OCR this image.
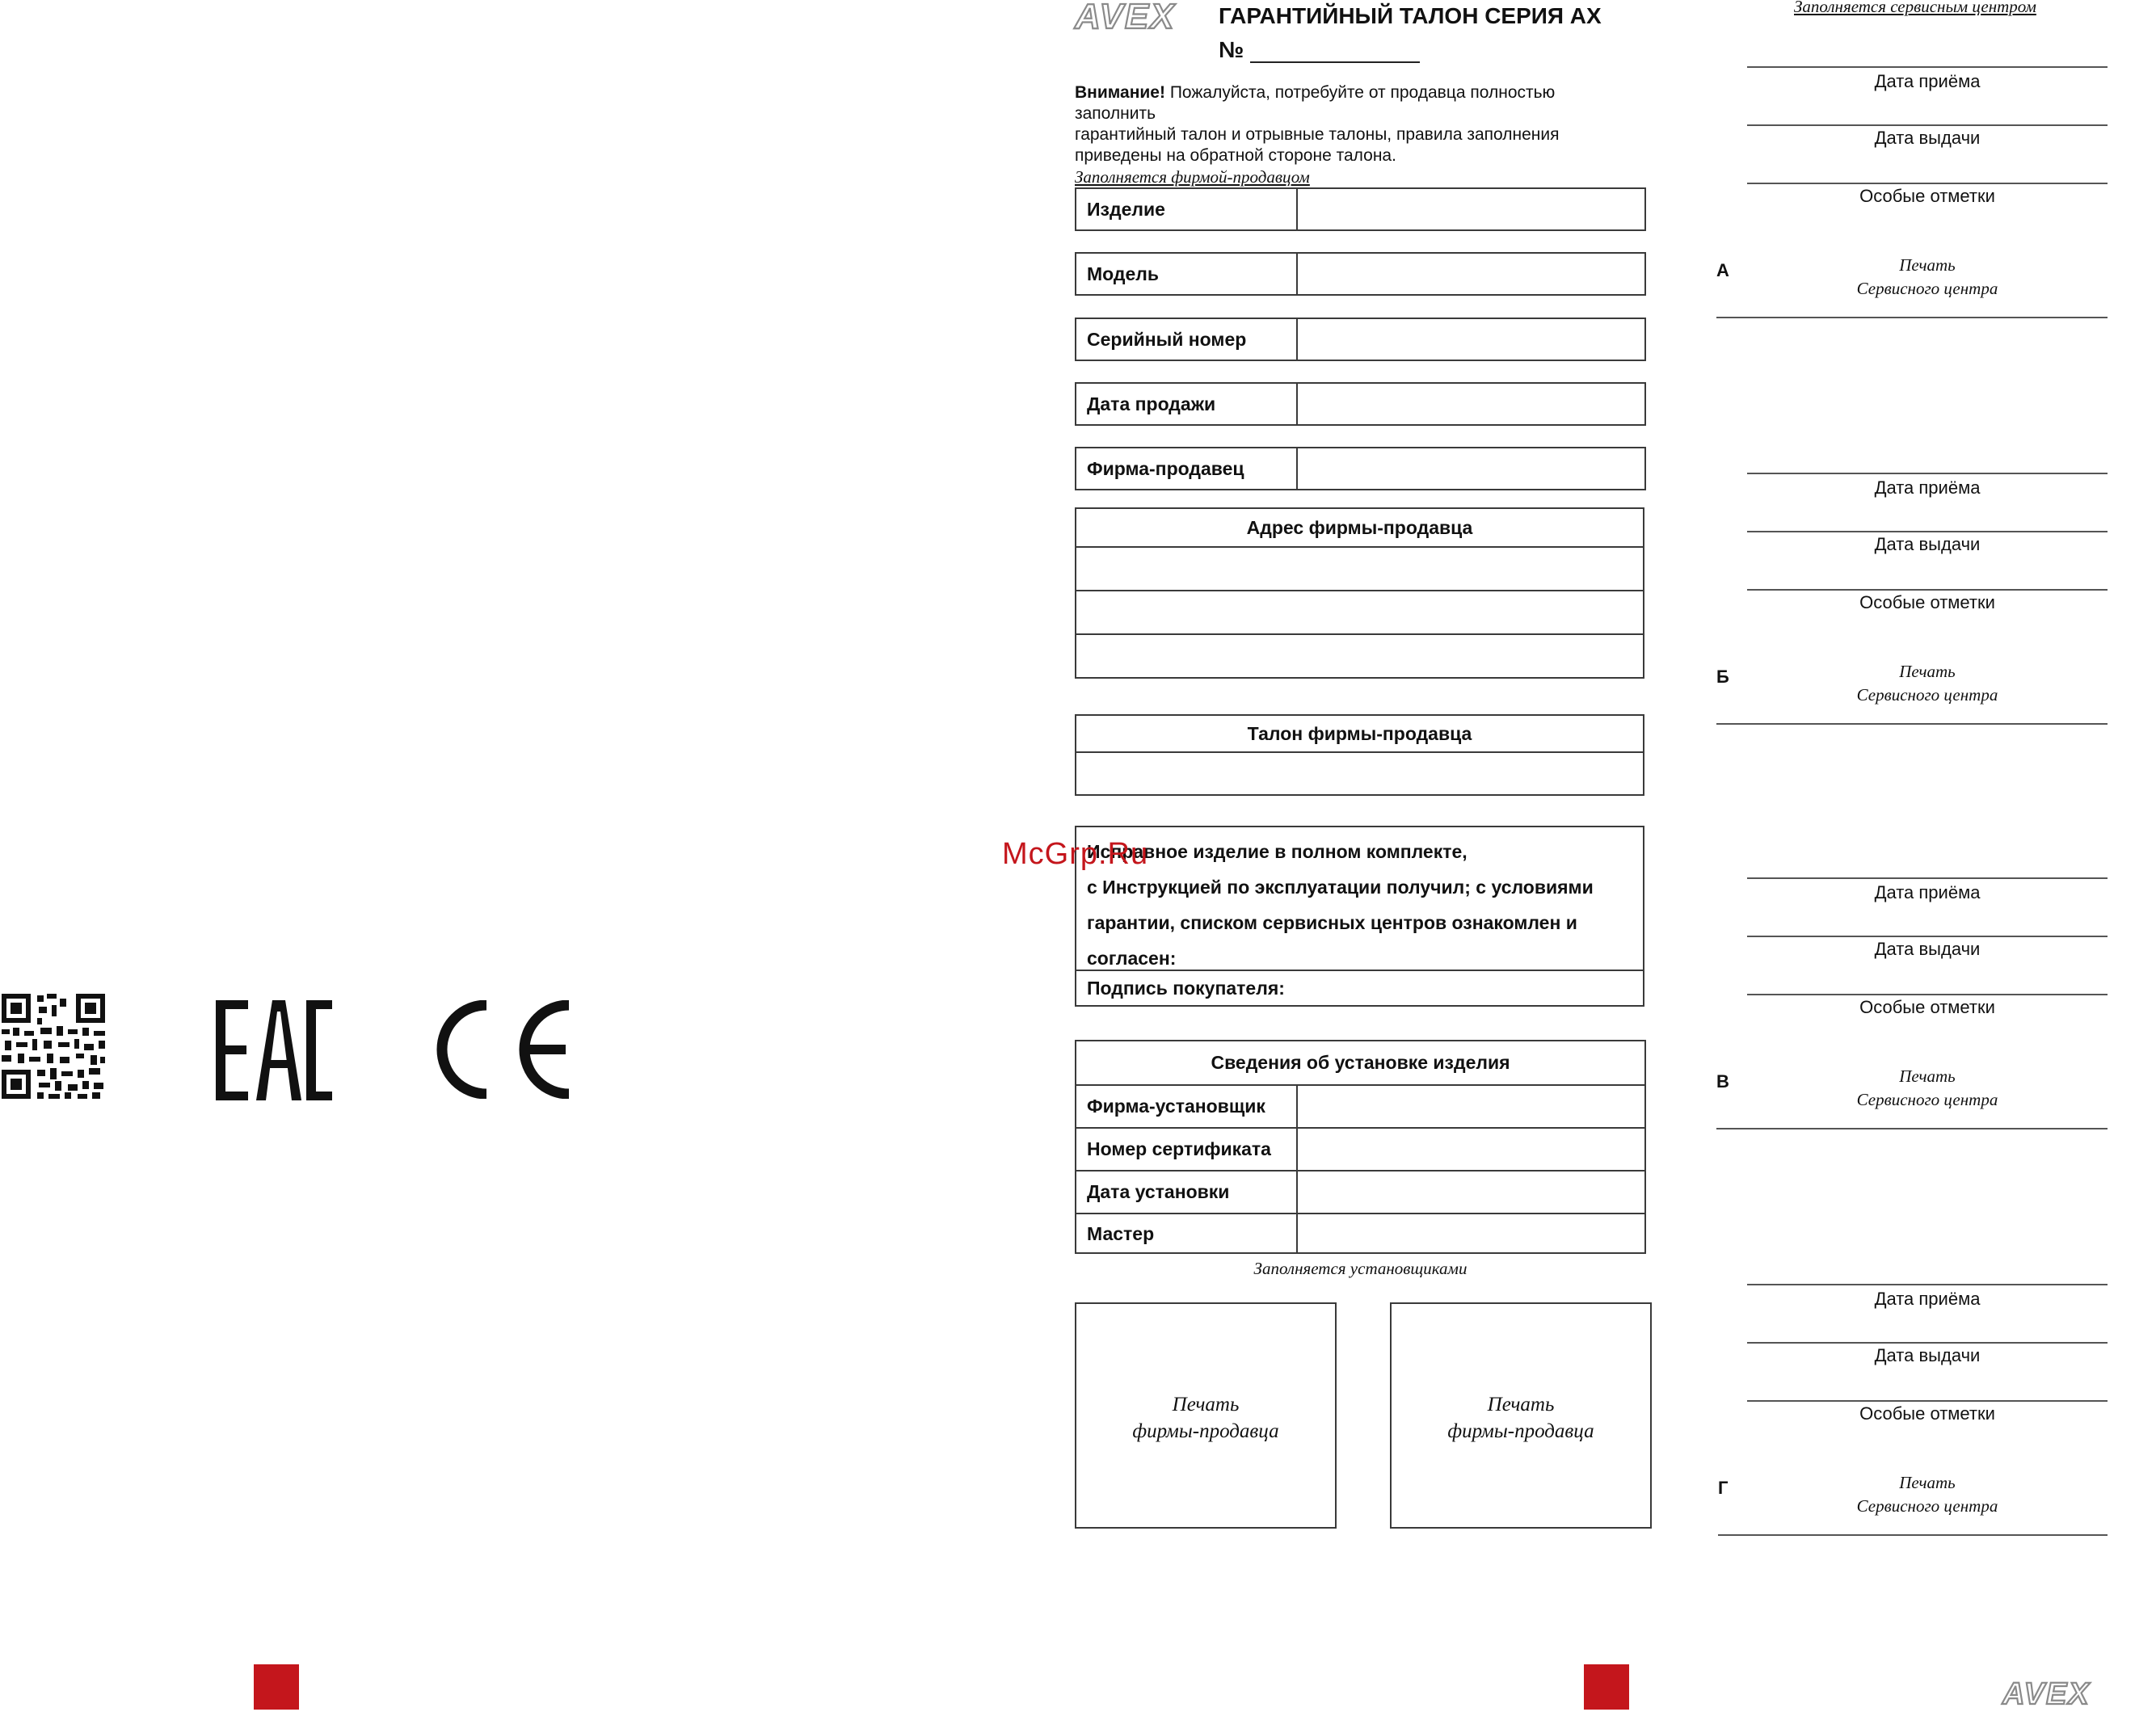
AVEX ГАРАНТИЙНЫЙ ТАЛОН СЕРИЯ АХ
№
Внимание! Пожалуйста, потребуйте от продавца полностью заполнить
гарантийный талон и отрывные талоны, правила заполнения
приведены на обратной стороне талона.
Заполняется фирмой-продавцом
Изделие
Модель
Серийный номер
Дата продажи
Фирма-продавец
Адрес фирмы-продавца
Талон фирмы-продавца
Исправное изделие в полном комплекте,
с Инструкцией по эксплуатации получил; с условиями
гарантии, списком сервисных центров ознакомлен и
согласен:
Подпись покупателя:
Сведения об установке изделия
Фирма-установщик
Номер сертификата
Дата установки
Мастер
Заполняется установщиками
Печать
фирмы-продавца
Печать
фирмы-продавца
McGrp.Ru
Заполняется сервисным центром
Дата приёма
Дата выдачи
Особые отметки
А	Печать
Сервисного центра
Дата приёма
Дата выдачи
Особые отметки
Б	Печать
Сервисного центра
Дата приёма
Дата выдачи
Особые отметки
В	Печать
Сервисного центра
Дата приёма
Дата выдачи
Особые отметки
Г	Печать
Сервисного центра
AVEX
